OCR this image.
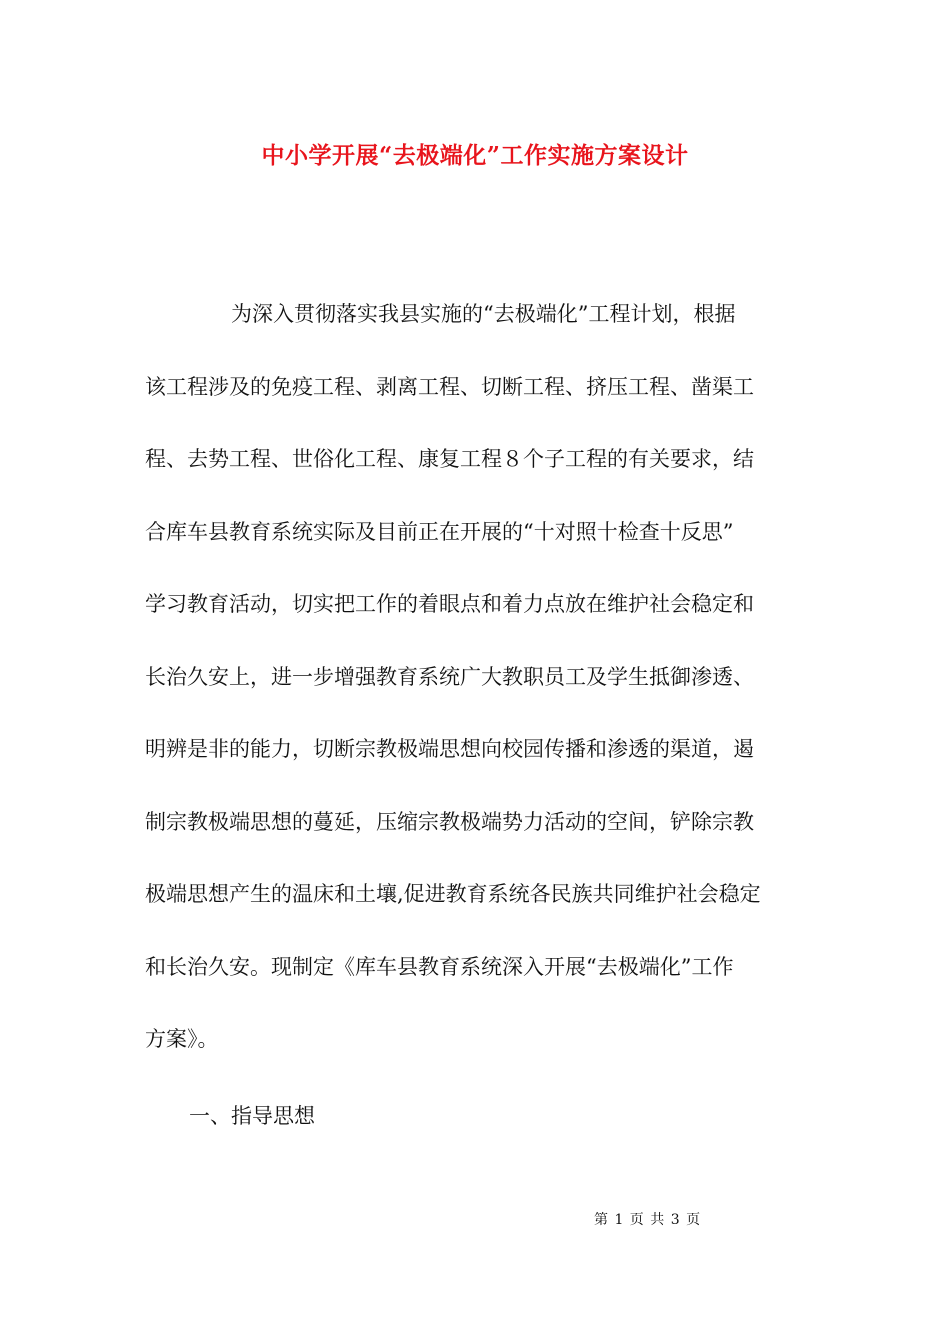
中小学开展“去极端化”工作实施方案设计
为深入贯彻落实我县实施的“去极端化”工程计划，根据
该工程涉及的免疫工程、剥离工程、切断工程、挤压工程、凿渠工
程、去势工程、世俗化工程、康复工程８个子工程的有关要求，结
合库车县教育系统实际及目前正在开展的“十对照十检查十反思”
学习教育活动，切实把工作的着眼点和着力点放在维护社会稳定和
长治久安上，进一步增强教育系统广大教职员工及学生抵御渗透、
明辨是非的能力，切断宗教极端思想向校园传播和渗透的渠道，遏
制宗教极端思想的蔓延，压缩宗教极端势力活动的空间，铲除宗教
极端思想产生的温床和土壤,促进教育系统各民族共同维护社会稳定
和长治久安。现制定《库车县教育系统深入开展“去极端化”工作
方案》。
一、指导思想
第 1 页 共 3 页
